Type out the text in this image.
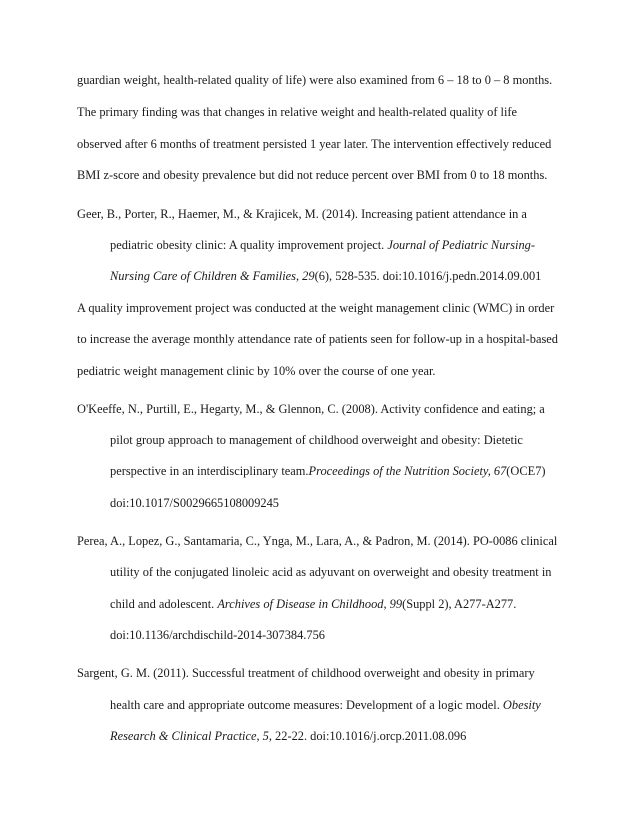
guardian weight, health-related quality of life) were also examined from 6 – 18 to 0 – 8 months.
The primary finding was that changes in relative weight and health-related quality of life
observed after 6 months of treatment persisted 1 year later. The intervention effectively reduced
BMI z-score and obesity prevalence but did not reduce percent over BMI from 0 to 18 months.
Geer, B., Porter, R., Haemer, M., & Krajicek, M. (2014). Increasing patient attendance in a
pediatric obesity clinic: A quality improvement project. Journal of Pediatric Nursing-
Nursing Care of Children & Families, 29(6), 528-535. doi:10.1016/j.pedn.2014.09.001
A quality improvement project was conducted at the weight management clinic (WMC) in order
to increase the average monthly attendance rate of patients seen for follow-up in a hospital-based
pediatric weight management clinic by 10% over the course of one year.
O'Keeffe, N., Purtill, E., Hegarty, M., & Glennon, C. (2008). Activity confidence and eating; a
pilot group approach to management of childhood overweight and obesity: Dietetic
perspective in an interdisciplinary team.Proceedings of the Nutrition Society, 67(OCE7)
doi:10.1017/S0029665108009245
Perea, A., Lopez, G., Santamaria, C., Ynga, M., Lara, A., & Padron, M. (2014). PO-0086 clinical
utility of the conjugated linoleic acid as adyuvant on overweight and obesity treatment in
child and adolescent. Archives of Disease in Childhood, 99(Suppl 2), A277-A277.
doi:10.1136/archdischild-2014-307384.756
Sargent, G. M. (2011). Successful treatment of childhood overweight and obesity in primary
health care and appropriate outcome measures: Development of a logic model. Obesity
Research & Clinical Practice, 5, 22-22. doi:10.1016/j.orcp.2011.08.096
